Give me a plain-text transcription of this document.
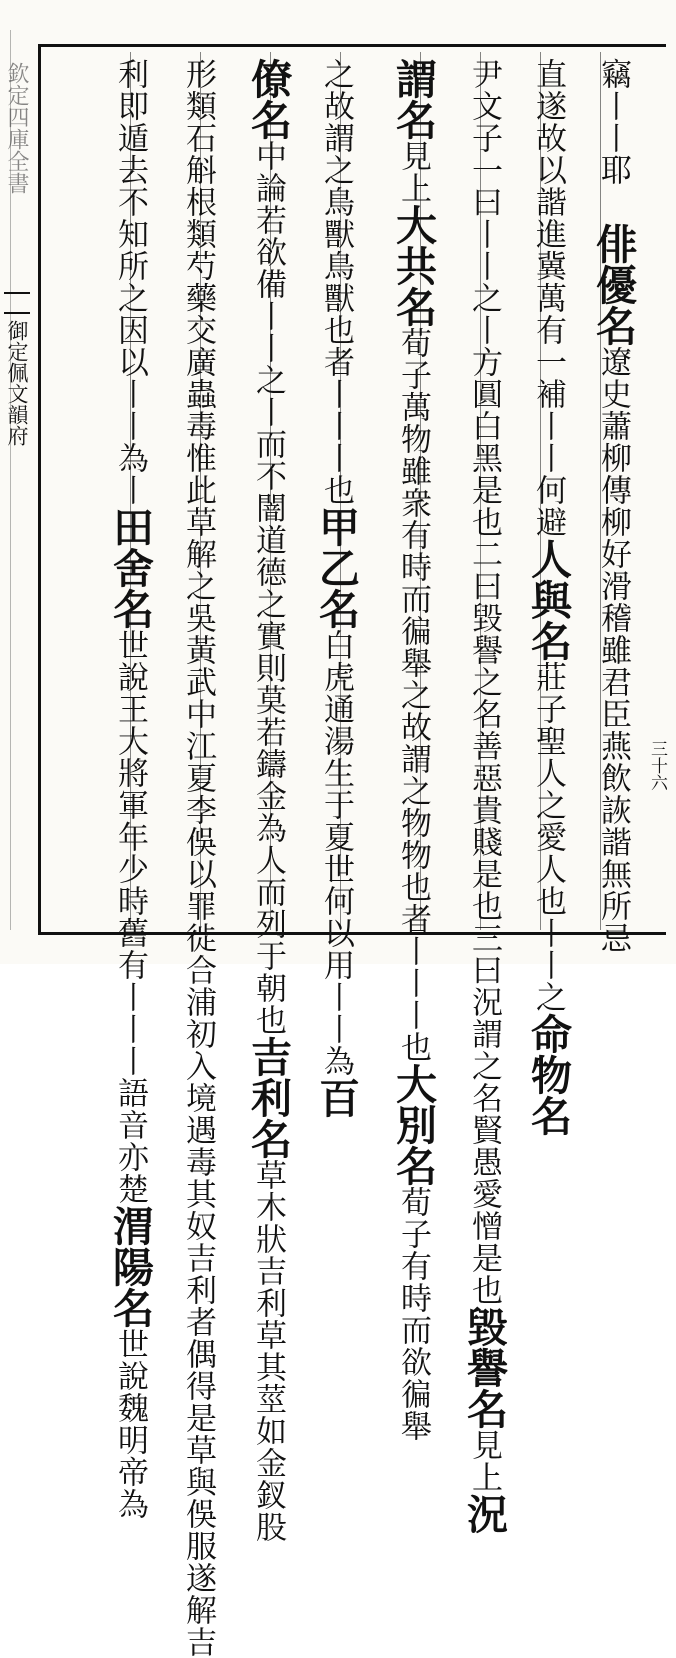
欽定四庫全書
御定佩文韻府
三十六
竊丨丨耶 俳優名遼史蕭柳傳柳好滑稽雖君臣燕飲詼諧無所忌
直遂故以諧進冀萬有一補丨丨何避人與名莊子聖人之愛人也丨丨之命物名
尹文子一曰丨丨之丨方圓白黑是也二曰毀譽之名善惡貴賤是也三曰況謂之名賢愚愛憎是也毀譽名見上況
謂名見上大共名荀子萬物雖衆有時而徧舉之故謂之物物也者丨丨丨也大別名荀子有時而欲徧舉
之故謂之鳥獸鳥獸也者丨丨丨也甲乙名白虎通湯生于夏世何以用丨丨為百
僚名中論若欲備丨丨之丨而不闇道德之實則莫若鑄金為人而列于朝也吉利名草木狀吉利草其莖如金釵股
形類石斛根類芍藥交廣蟲毒惟此草解之吳黃武中江夏李俁以罪徙合浦初入境遇毒其奴吉利者偶得是草與俁服遂解吉
利即遁去不知所之因以丨丨為丨田舍名世說王大將軍年少時舊有丨丨丨語音亦楚渭陽名世說魏明帝為
